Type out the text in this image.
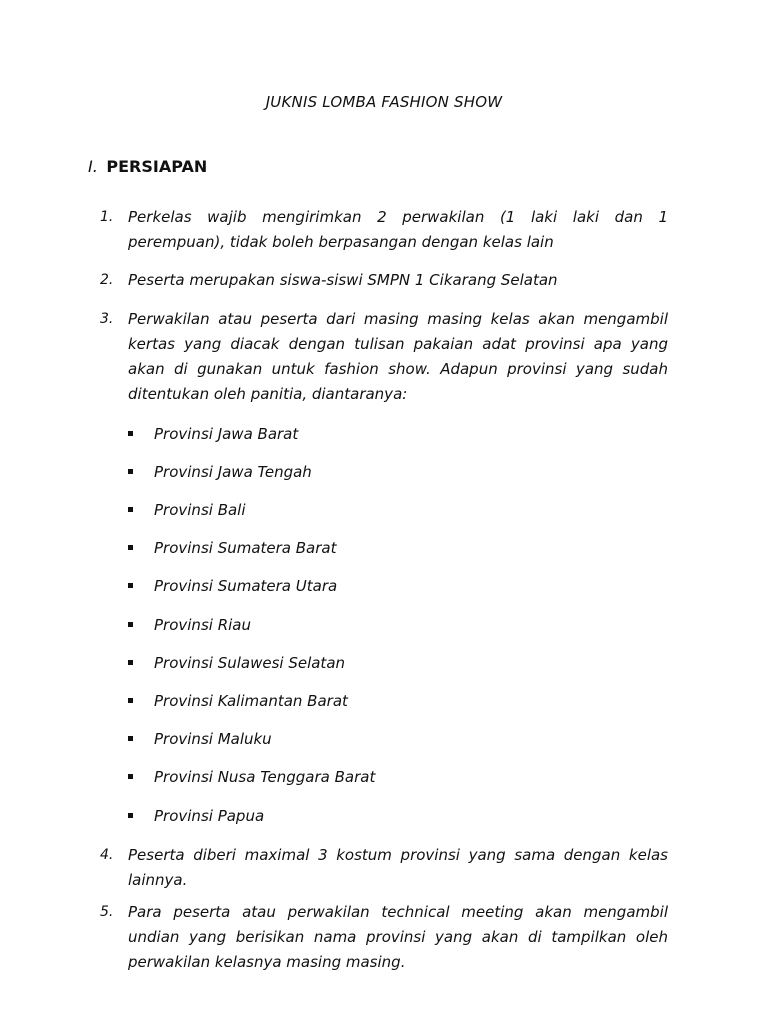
JUKNIS LOMBA FASHION SHOW
I. PERSIAPAN
1. Perkelas wajib mengirimkan 2 perwakilan (1 laki laki dan 1 perempuan), tidak boleh berpasangan dengan kelas lain
2. Peserta merupakan siswa-siswi SMPN 1 Cikarang Selatan
3. Perwakilan atau peserta dari masing masing kelas akan mengambil kertas yang diacak dengan tulisan pakaian adat provinsi apa yang akan di gunakan untuk fashion show. Adapun provinsi yang sudah ditentukan oleh panitia, diantaranya:
Provinsi Jawa Barat
Provinsi Jawa Tengah
Provinsi Bali
Provinsi Sumatera Barat
Provinsi Sumatera Utara
Provinsi Riau
Provinsi Sulawesi Selatan
Provinsi Kalimantan Barat
Provinsi Maluku
Provinsi Nusa Tenggara Barat
Provinsi Papua
4. Peserta diberi maximal 3 kostum provinsi yang sama dengan kelas lainnya.
5. Para peserta atau perwakilan technical meeting akan mengambil undian yang berisikan nama provinsi yang akan di tampilkan oleh perwakilan kelasnya masing masing.
